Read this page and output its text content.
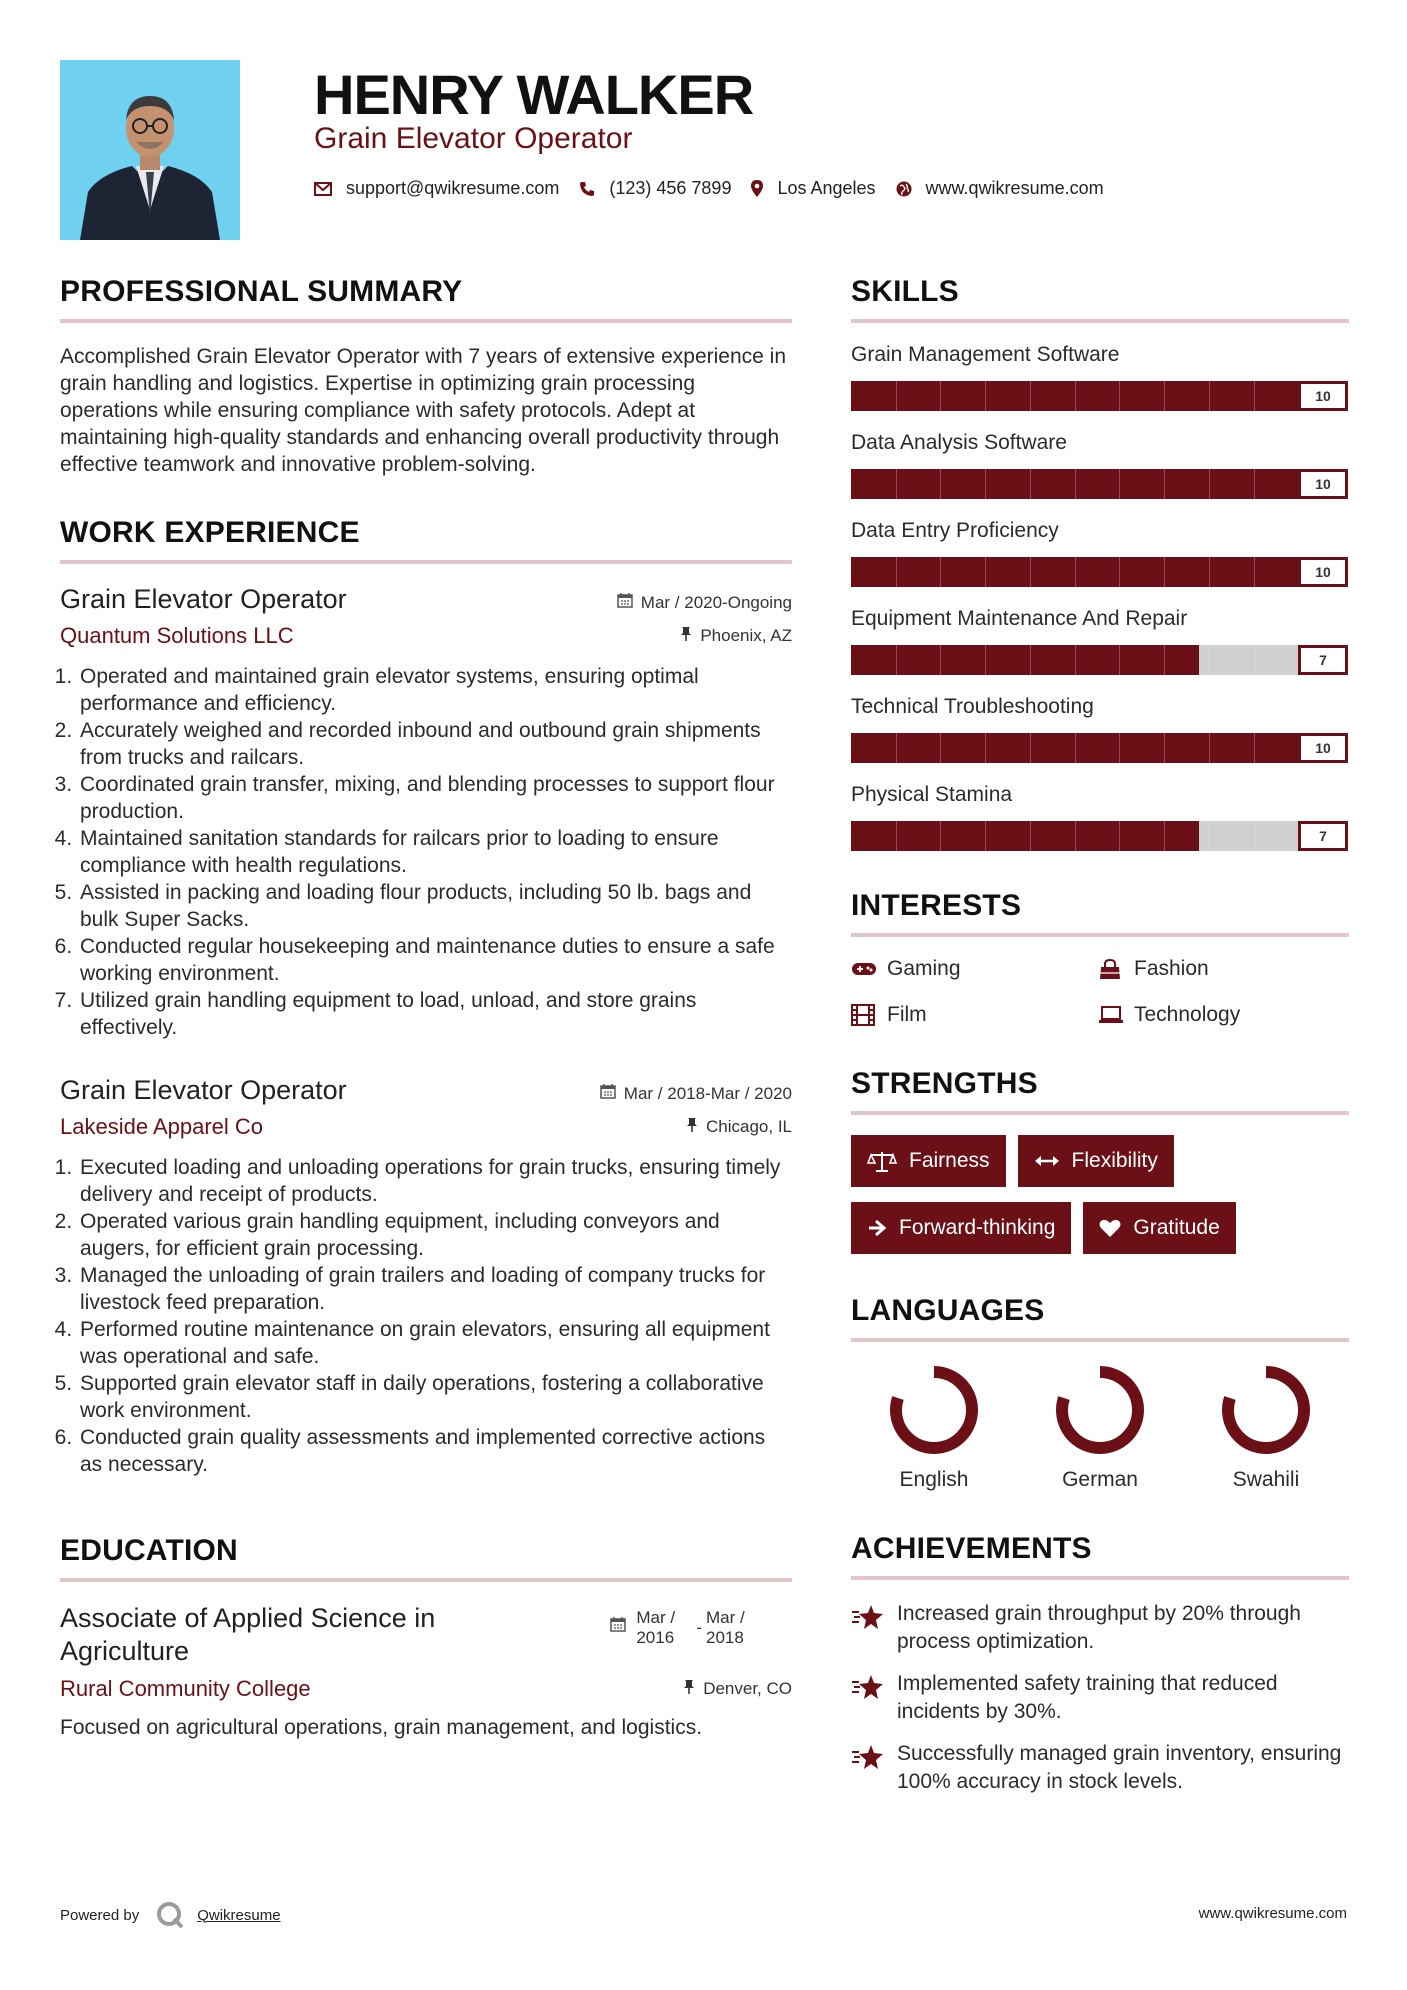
HENRY WALKER
Grain Elevator Operator
support@qwikresume.com	(123) 456 7899	Los Angeles	www.qwikresume.com
PROFESSIONAL SUMMARY

Accomplished Grain Elevator Operator with 7 years of extensive experience in grain handling and logistics. Expertise in optimizing grain processing operations while ensuring compliance with safety protocols. Adept at maintaining high-quality standards and enhancing overall productivity through effective teamwork and innovative problem-solving.

WORK EXPERIENCE
Grain Elevator Operator	Mar / 2020-Ongoing
Quantum Solutions LLC	Phoenix, AZ
1. Operated and maintained grain elevator systems, ensuring optimal performance and efficiency.
2. Accurately weighed and recorded inbound and outbound grain shipments from trucks and railcars.
3. Coordinated grain transfer, mixing, and blending processes to support flour production.
4. Maintained sanitation standards for railcars prior to loading to ensure compliance with health regulations.
5. Assisted in packing and loading flour products, including 50 lb. bags and bulk Super Sacks.
6. Conducted regular housekeeping and maintenance duties to ensure a safe working environment.
7. Utilized grain handling equipment to load, unload, and store grains effectively.
Grain Elevator Operator	Mar / 2018-Mar / 2020
Lakeside Apparel Co	Chicago, IL
1. Executed loading and unloading operations for grain trucks, ensuring timely delivery and receipt of products.
2. Operated various grain handling equipment, including conveyors and augers, for efficient grain processing.
3. Managed the unloading of grain trailers and loading of company trucks for livestock feed preparation.
4. Performed routine maintenance on grain elevators, ensuring all equipment was operational and safe.
5. Supported grain elevator staff in daily operations, fostering a collaborative work environment.
6. Conducted grain quality assessments and implemented corrective actions as necessary.
EDUCATION
Associate of Applied Science in Agriculture
Mar / 2016
-
Mar / 2018
Rural Community College	Denver, CO

Focused on agricultural operations, grain management, and logistics.

SKILLS
Grain Management Software
10
Data Analysis Software
10
Data Entry Proficiency
10
Equipment Maintenance And Repair
7
Technical Troubleshooting
10
Physical Stamina
7
INTERESTS
Gaming	Fashion
Film	Technology
STRENGTHS
Fairness	Flexibility
Forward-thinking	Gratitude
LANGUAGES
English	German	Swahili
ACHIEVEMENTS
Increased grain throughput by 20% through process optimization.
Implemented safety training that reduced incidents by 30%.
Successfully managed grain inventory, ensuring 100% accuracy in stock levels.
Powered by	Qwikresume	www.qwikresume.com
